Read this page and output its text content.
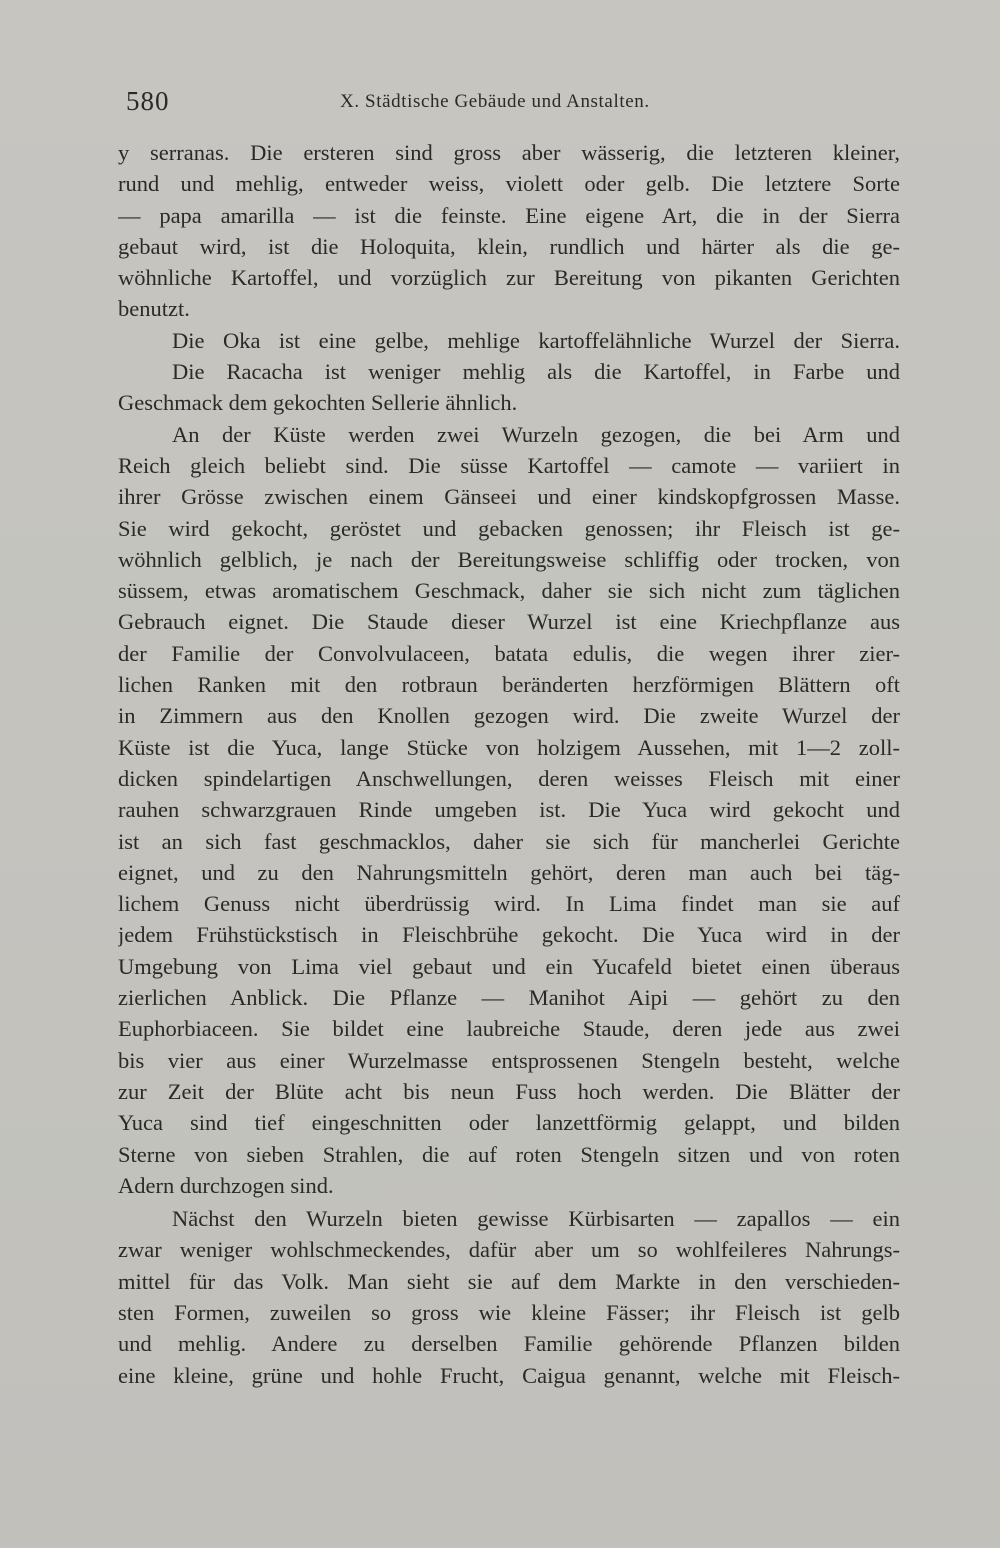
580	X. Städtische Gebäude und Anstalten.
y serranas. Die ersteren sind gross aber wässerig, die letzteren kleiner,
rund und mehlig, entweder weiss, violett oder gelb. Die letztere Sorte
— papa amarilla — ist die feinste. Eine eigene Art, die in der Sierra
gebaut wird, ist die Holoquita, klein, rundlich und härter als die ge-
wöhnliche Kartoffel, und vorzüglich zur Bereitung von pikanten Gerichten
benutzt.
Die Oka ist eine gelbe, mehlige kartoffelähnliche Wurzel der Sierra.
Die Racacha ist weniger mehlig als die Kartoffel, in Farbe und
Geschmack dem gekochten Sellerie ähnlich.
An der Küste werden zwei Wurzeln gezogen, die bei Arm und
Reich gleich beliebt sind. Die süsse Kartoffel — camote — variiert in
ihrer Grösse zwischen einem Gänseei und einer kindskopfgrossen Masse.
Sie wird gekocht, geröstet und gebacken genossen; ihr Fleisch ist ge-
wöhnlich gelblich, je nach der Bereitungsweise schliffig oder trocken, von
süssem, etwas aromatischem Geschmack, daher sie sich nicht zum täglichen
Gebrauch eignet. Die Staude dieser Wurzel ist eine Kriechpflanze aus
der Familie der Convolvulaceen, batata edulis, die wegen ihrer zier-
lichen Ranken mit den rotbraun beränderten herzförmigen Blättern oft
in Zimmern aus den Knollen gezogen wird. Die zweite Wurzel der
Küste ist die Yuca, lange Stücke von holzigem Aussehen, mit 1—2 zoll-
dicken spindelartigen Anschwellungen, deren weisses Fleisch mit einer
rauhen schwarzgrauen Rinde umgeben ist. Die Yuca wird gekocht und
ist an sich fast geschmacklos, daher sie sich für mancherlei Gerichte
eignet, und zu den Nahrungsmitteln gehört, deren man auch bei täg-
lichem Genuss nicht überdrüssig wird. In Lima findet man sie auf
jedem Frühstückstisch in Fleischbrühe gekocht. Die Yuca wird in der
Umgebung von Lima viel gebaut und ein Yucafeld bietet einen überaus
zierlichen Anblick. Die Pflanze — Manihot Aipi — gehört zu den
Euphorbiaceen. Sie bildet eine laubreiche Staude, deren jede aus zwei
bis vier aus einer Wurzelmasse entsprossenen Stengeln besteht, welche
zur Zeit der Blüte acht bis neun Fuss hoch werden. Die Blätter der
Yuca sind tief eingeschnitten oder lanzettförmig gelappt, und bilden
Sterne von sieben Strahlen, die auf roten Stengeln sitzen und von roten
Adern durchzogen sind.
Nächst den Wurzeln bieten gewisse Kürbisarten — zapallos — ein
zwar weniger wohlschmeckendes, dafür aber um so wohlfeileres Nahrungs-
mittel für das Volk. Man sieht sie auf dem Markte in den verschieden-
sten Formen, zuweilen so gross wie kleine Fässer; ihr Fleisch ist gelb
und mehlig. Andere zu derselben Familie gehörende Pflanzen bilden
eine kleine, grüne und hohle Frucht, Caigua genannt, welche mit Fleisch-
